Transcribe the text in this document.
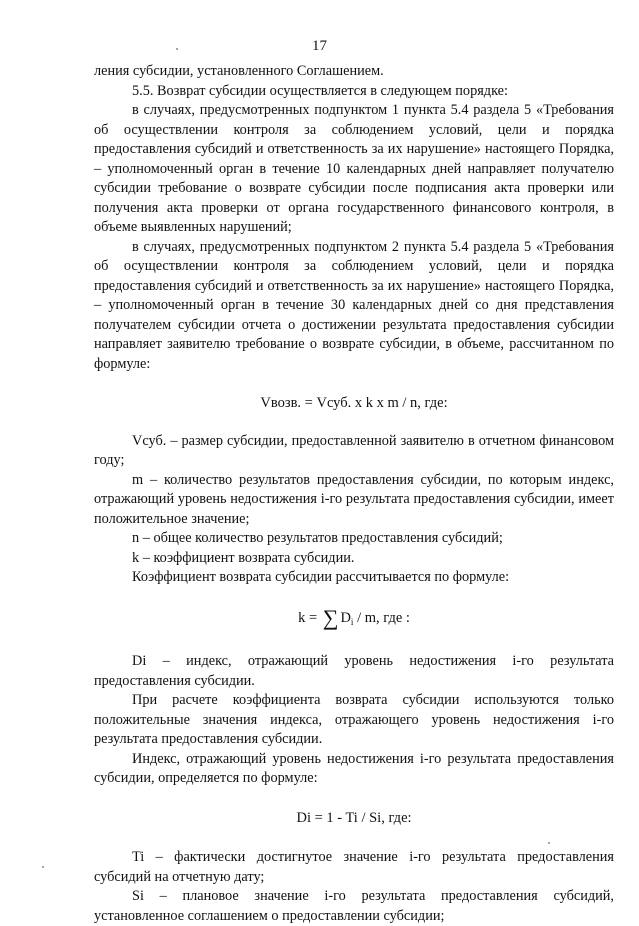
17

ления субсидии, установленного Соглашением.

5.5. Возврат субсидии осуществляется в следующем порядке:

в случаях, предусмотренных подпунктом 1 пункта 5.4 раздела 5 «Требования об осуществлении контроля за соблюдением условий, цели и порядка предоставления субсидий и ответственность за их нарушение» настоящего Порядка, – уполномоченный орган в течение 10 календарных дней направляет получателю субсидии требование о возврате субсидии после подписания акта проверки или получения акта проверки от органа государственного финансового контроля, в объеме выявленных нарушений;

в случаях, предусмотренных подпунктом 2 пункта 5.4 раздела 5 «Требования об осуществлении контроля за соблюдением условий, цели и порядка предоставления субсидий и ответственность за их нарушение» настоящего Порядка, – уполномоченный орган в течение 30 календарных дней со дня представления получателем субсидии отчета о достижении результата предоставления субсидии направляет заявителю требование о возврате субсидии, в объеме, рассчитанном по формуле:

Vвозв. = Vсуб. x k x m / n, где:

Vсуб. – размер субсидии, предоставленной заявителю в отчетном финансовом году;

m – количество результатов предоставления субсидии, по которым индекс, отражающий уровень недостижения i-го результата предоставления субсидии, имеет положительное значение;

n – общее количество результатов предоставления субсидий;

k – коэффициент возврата субсидии.

Коэффициент возврата субсидии рассчитывается по формуле:

k = ∑ $D_i$ / m, где :

Di – индекс, отражающий уровень недостижения i-го результата предоставления субсидии.

При расчете коэффициента возврата субсидии используются только положительные значения индекса, отражающего уровень недостижения i-го результата предоставления субсидии.

Индекс, отражающий уровень недостижения i-го результата предоставления субсидии, определяется по формуле:

Di = 1 - Ti / Si, где:

Ti – фактически достигнутое значение i-го результата предоставления субсидий на отчетную дату;

Si – плановое значение i-го результата предоставления субсидий, установленное соглашением о предоставлении субсидии;
